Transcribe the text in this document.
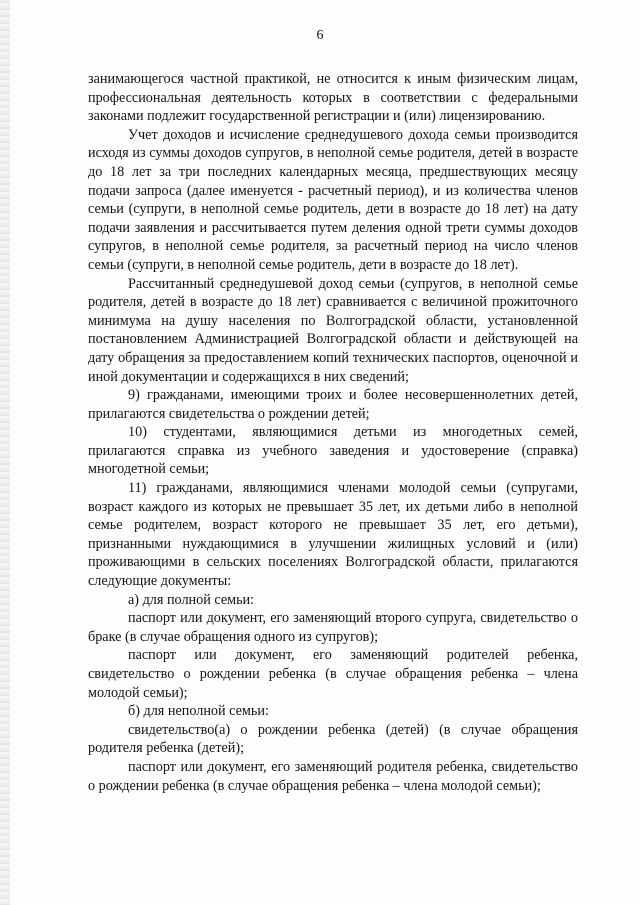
6

занимающегося частной практикой, не относится к иным физическим лицам, профессиональная деятельность которых в соответствии с федеральными законами подлежит государственной регистрации и (или) лицензированию.

Учет доходов и исчисление среднедушевого дохода семьи производится исходя из суммы доходов супругов, в неполной семье родителя, детей в возрасте до 18 лет за три последних календарных месяца, предшествующих месяцу подачи запроса (далее именуется - расчетный период), и из количества членов семьи (супруги, в неполной семье родитель, дети в возрасте до 18 лет) на дату подачи заявления и рассчитывается путем деления одной трети суммы доходов супругов, в неполной семье родителя, за расчетный период на число членов семьи (супруги, в неполной семье родитель, дети в возрасте до 18 лет).

Рассчитанный среднедушевой доход семьи (супругов, в неполной семье родителя, детей в возрасте до 18 лет) сравнивается с величиной прожиточного минимума на душу населения по Волгоградской области, установленной постановлением Администрацией Волгоградской области и действующей на дату обращения за предоставлением копий технических паспортов, оценочной и иной документации и содержащихся в них сведений;

9) гражданами, имеющими троих и более несовершеннолетних детей, прилагаются свидетельства о рождении детей;

10) студентами, являющимися детьми из многодетных семей, прилагаются справка из учебного заведения и удостоверение (справка) многодетной семьи;

11) гражданами, являющимися членами молодой семьи (супругами, возраст каждого из которых не превышает 35 лет, их детьми либо в неполной семье родителем, возраст которого не превышает 35 лет, его детьми), признанными нуждающимися в улучшении жилищных условий и (или) проживающими в сельских поселениях Волгоградской области, прилагаются следующие документы:

а) для полной семьи:

паспорт или документ, его заменяющий второго супруга, свидетельство о браке (в случае обращения одного из супругов);

паспорт или документ, его заменяющий родителей ребенка, свидетельство о рождении ребенка (в случае обращения ребенка – члена молодой семьи);

б) для неполной семьи:

свидетельство(а) о рождении ребенка (детей) (в случае обращения родителя ребенка (детей);

паспорт или документ, его заменяющий родителя ребенка, свидетельство о рождении ребенка (в случае обращения ребенка – члена молодой семьи);
